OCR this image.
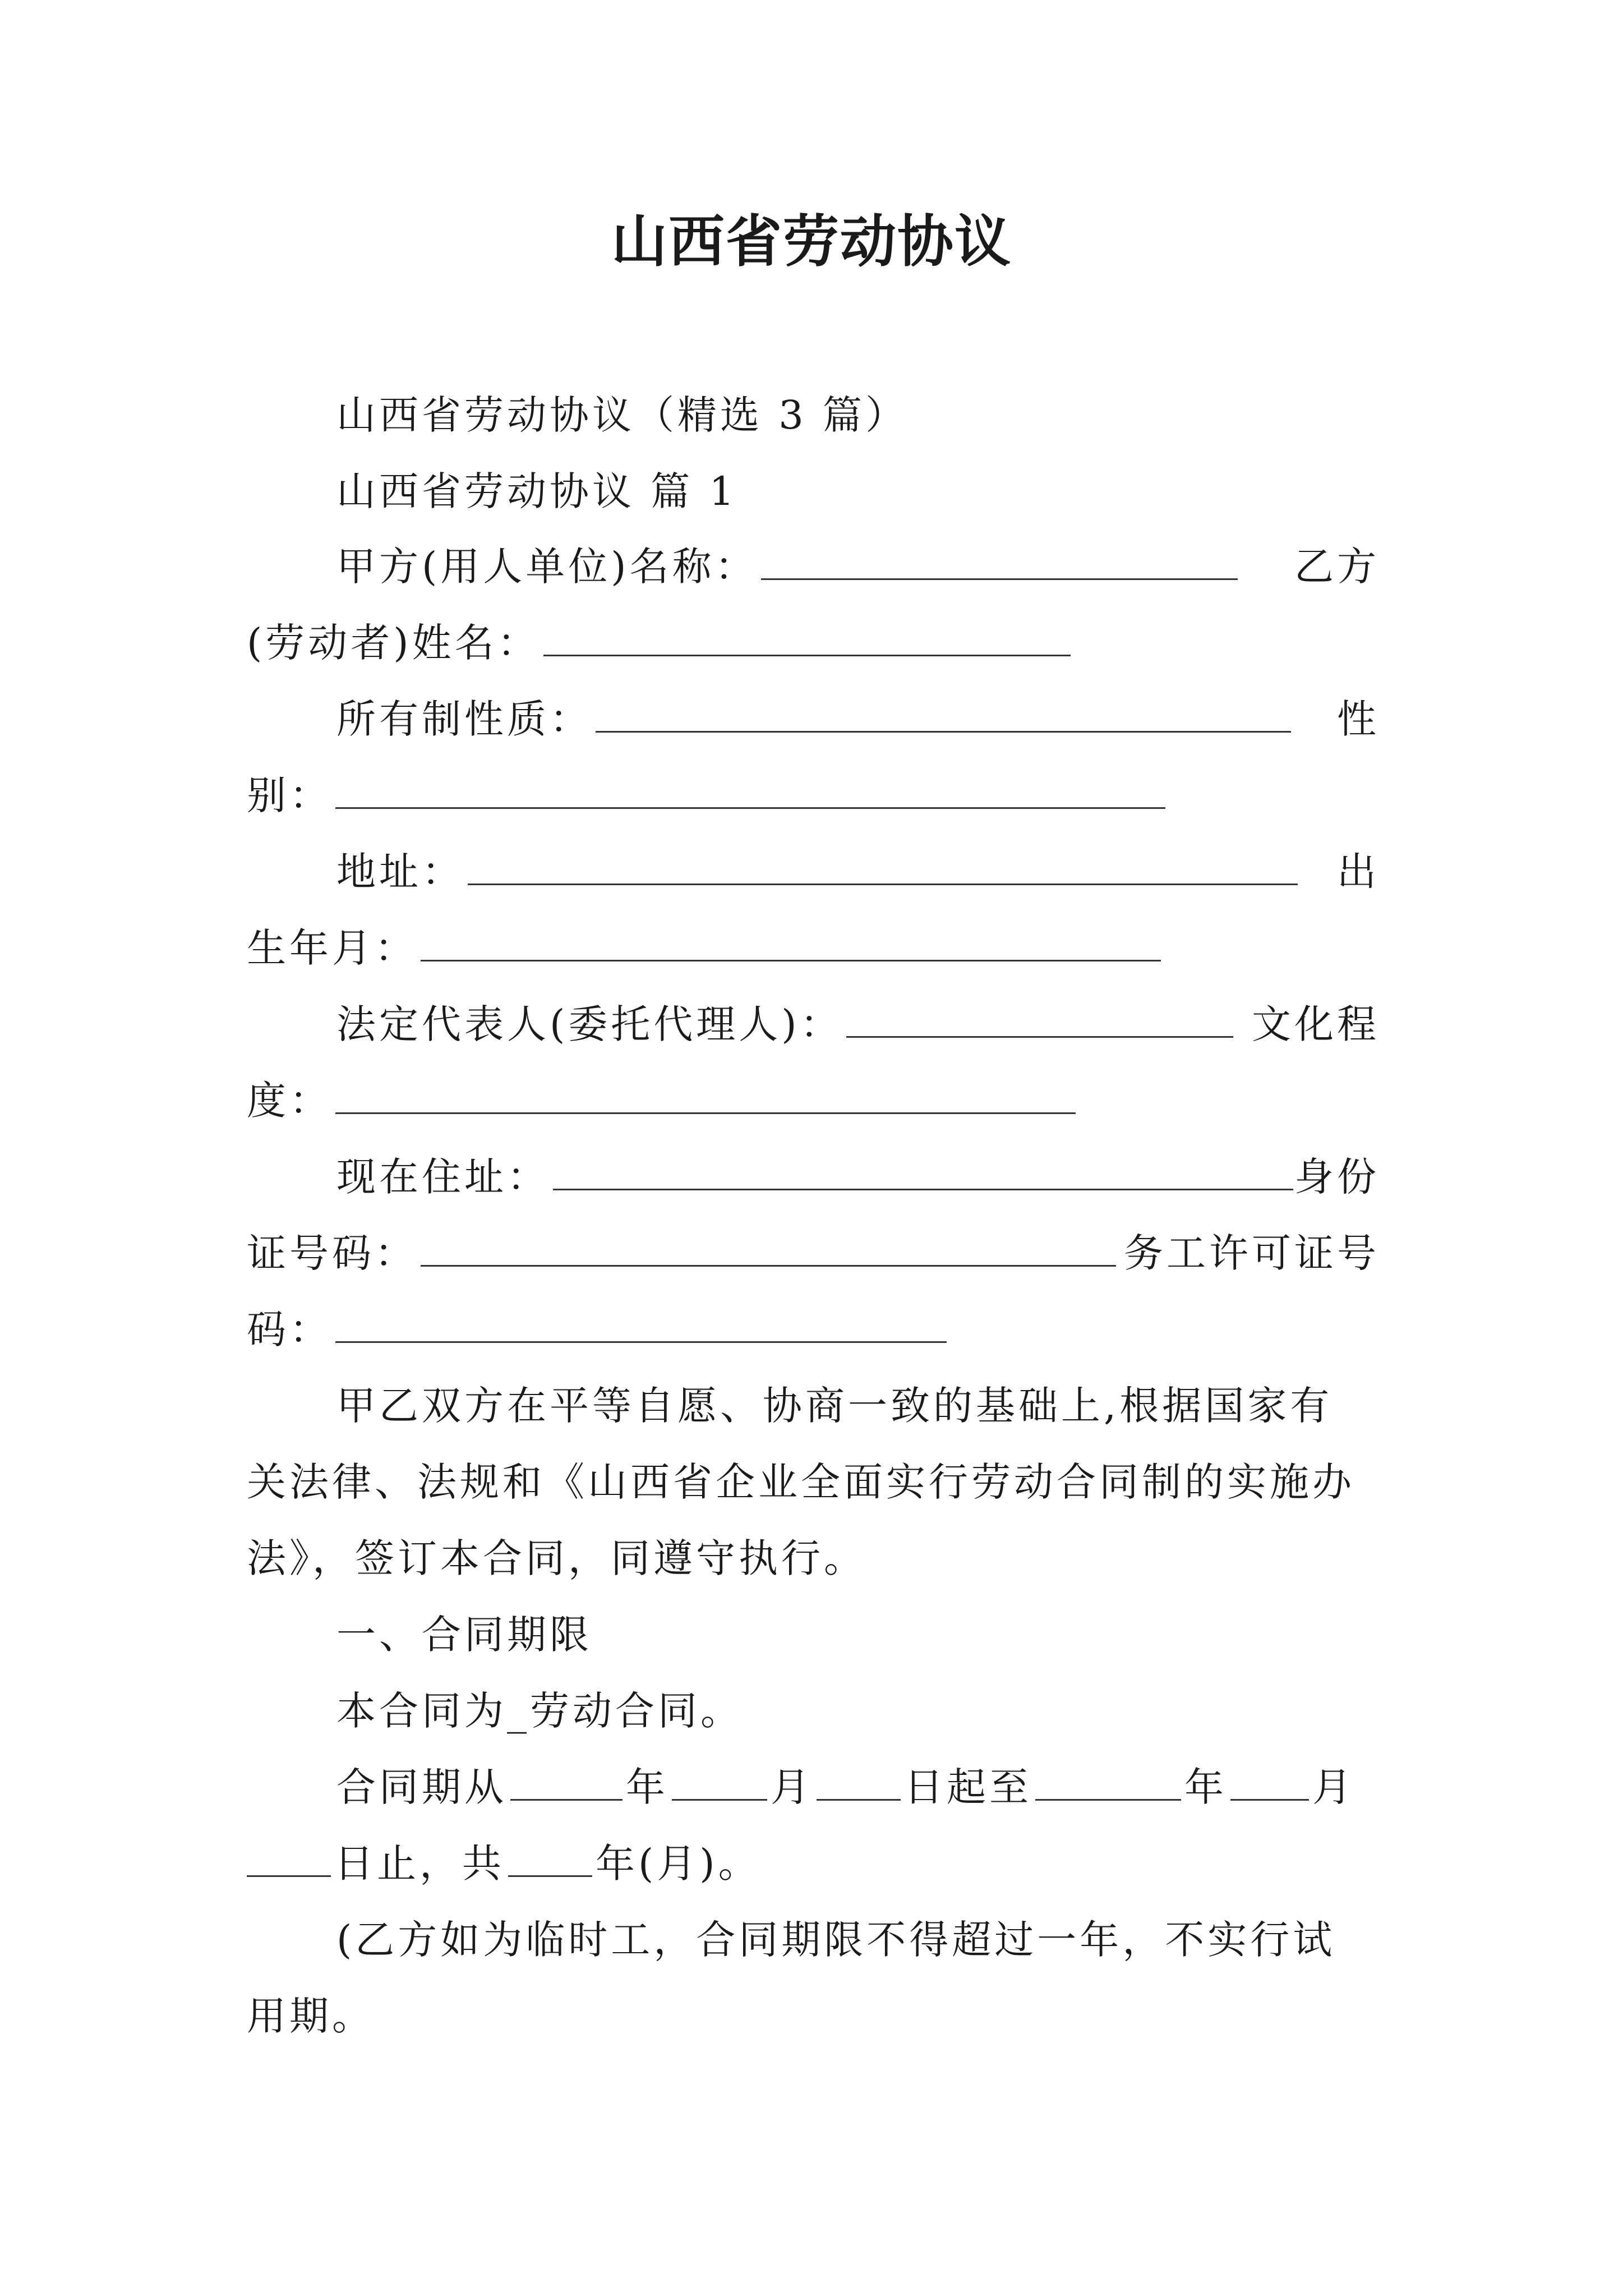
山西省劳动协议
山西省劳动协议（精选 3 篇）
山西省劳动协议 篇 1
甲方(用人单位)名称：	乙方
(劳动者)姓名：
所有制性质：	性
别：
地址：	出
生年月：
法定代表人(委托代理人)：	文化程
度：
现在住址：	身份
证号码：	务工许可证号
码：
甲乙双方在平等自愿、协商一致的基础上,根据国家有
关法律、法规和《山西省企业全面实行劳动合同制的实施办
法》，签订本合同，同遵守执行。
一、合同期限
本合同为_劳动合同。
合同期从	年	月 日起至	年 月
日止，共 年(月)。
(乙方如为临时工，合同期限不得超过一年，不实行试
用期。
